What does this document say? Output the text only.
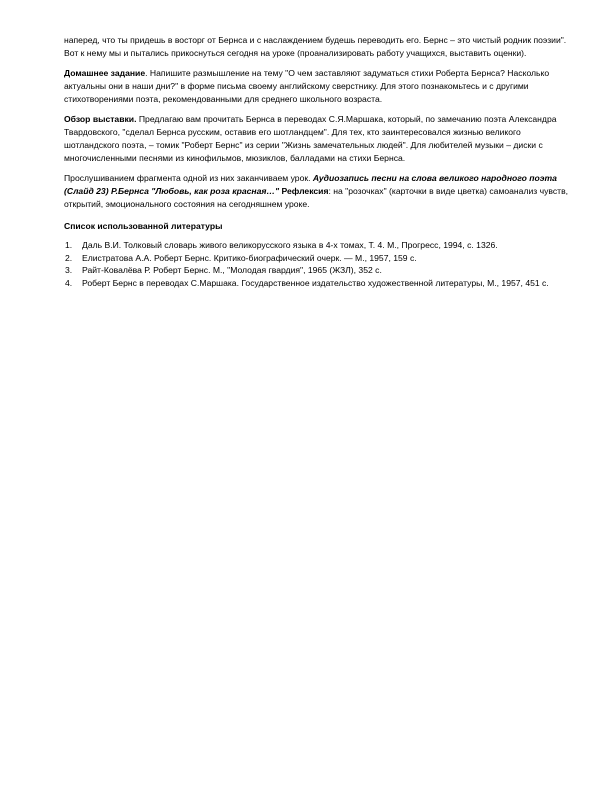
наперед, что ты придешь в восторг от Бернса и с наслаждением будешь переводить его. Бернс – это чистый родник поэзии". Вот к нему мы и пытались прикоснуться сегодня на уроке (проанализировать работу учащихся, выставить оценки).

Домашнее задание. Напишите размышление на тему "О чем заставляют задуматься стихи Роберта Бернса? Насколько актуальны они в наши дни?" в форме письма своему английскому сверстнику. Для этого познакомьтесь и с другими стихотворениями поэта, рекомендованными для среднего школьного возраста.

Обзор выставки. Предлагаю вам прочитать Бернса в переводах С.Я.Маршака, который, по замечанию поэта Александра Твардовского, "сделал Бернса русским, оставив его шотландцем". Для тех, кто заинтересовался жизнью великого шотландского поэта, – томик "Роберт Бернс" из серии "Жизнь замечательных людей". Для любителей музыки – диски с многочисленными песнями из кинофильмов, мюзиклов, балладами на стихи Бернса.

Прослушиванием фрагмента одной из них заканчиваем урок. Аудиозапись песни на слова великого народного поэта (Слайд 23) Р.Бернса "Любовь, как роза красная…" Рефлексия: на "розочках" (карточки в виде цветка) самоанализ чувств, открытий, эмоционального состояния на сегодняшнем уроке.

Список использованной литературы
1. Даль В.И. Толковый словарь живого великорусского языка в 4-х томах, Т. 4. М., Прогресс, 1994, с. 1326.
2. Елистратова А.А. Роберт Бернс. Критико-биографический очерк. — М., 1957, 159 с.
3. Райт-Ковалёва Р. Роберт Бернс. М., "Молодая гвардия", 1965 (ЖЗЛ), 352 с.
4. Роберт Бернс в переводах С.Маршака. Государственное издательство художественной литературы, М., 1957, 451 с.
